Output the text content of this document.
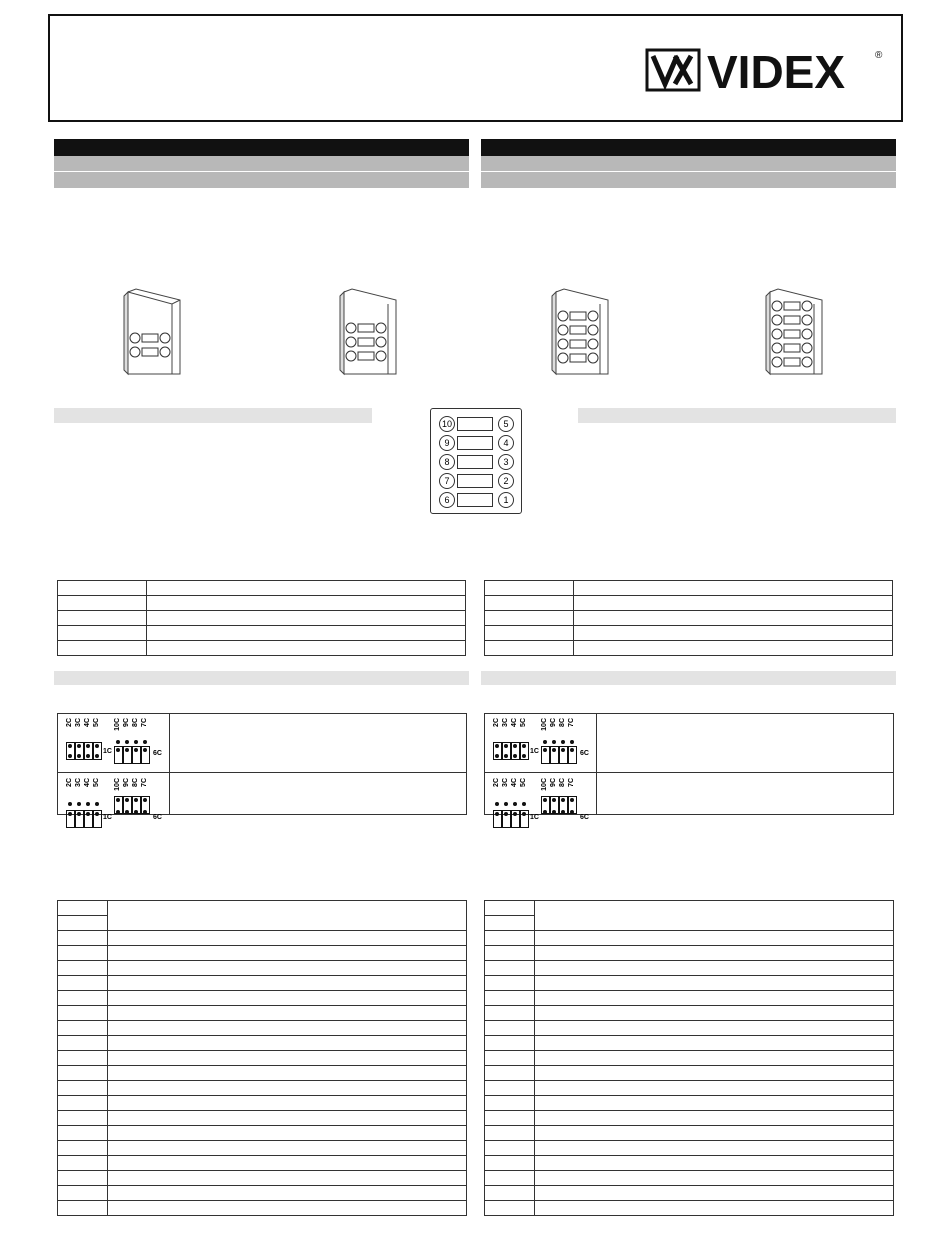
VIDEX	®
10	5
9	4
8	3
7	2
6	1

2C 3C 4C 5C 10C 9C 8C 7C
1C	6C
2C 3C 4C 5C 10C 9C 8C 7C
1C	6C
2C 3C 4C 5C 10C 9C 8C 7C
1C	6C
2C 3C 4C 5C 10C 9C 8C 7C
1C	6C
